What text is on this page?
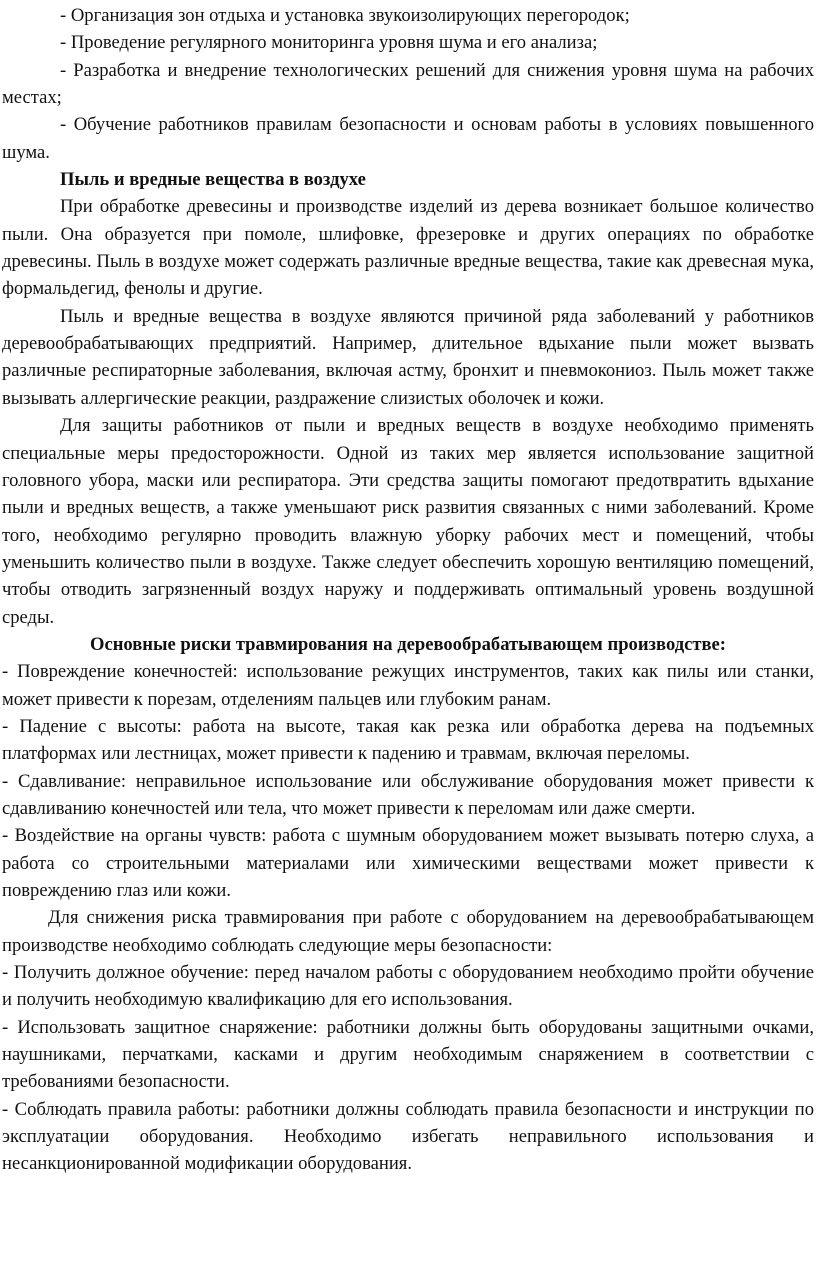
- Организация зон отдыха и установка звукоизолирующих перегородок;

- Проведение регулярного мониторинга уровня шума и его анализа;

- Разработка и внедрение технологических решений для снижения уровня шума на рабочих местах;

- Обучение работников правилам безопасности и основам работы в условиях повышенного шума.

Пыль и вредные вещества в воздухе

При обработке древесины и производстве изделий из дерева возникает большое количество пыли. Она образуется при помоле, шлифовке, фрезеровке и других операциях по обработке древесины. Пыль в воздухе может содержать различные вредные вещества, такие как древесная мука, формальдегид, фенолы и другие.

Пыль и вредные вещества в воздухе являются причиной ряда заболеваний у работников деревообрабатывающих предприятий. Например, длительное вдыхание пыли может вызвать различные респираторные заболевания, включая астму, бронхит и пневмокониоз. Пыль может также вызывать аллергические реакции, раздражение слизистых оболочек и кожи.

Для защиты работников от пыли и вредных веществ в воздухе необходимо применять специальные меры предосторожности. Одной из таких мер является использование защитной головного убора, маски или респиратора. Эти средства защиты помогают предотвратить вдыхание пыли и вредных веществ, а также уменьшают риск развития связанных с ними заболеваний. Кроме того, необходимо регулярно проводить влажную уборку рабочих мест и помещений, чтобы уменьшить количество пыли в воздухе. Также следует обеспечить хорошую вентиляцию помещений, чтобы отводить загрязненный воздух наружу и поддерживать оптимальный уровень воздушной среды.

Основные риски травмирования на деревообрабатывающем производстве:

- Повреждение конечностей: использование режущих инструментов, таких как пилы или станки, может привести к порезам, отделениям пальцев или глубоким ранам.

- Падение с высоты: работа на высоте, такая как резка или обработка дерева на подъемных платформах или лестницах, может привести к падению и травмам, включая переломы.

- Сдавливание: неправильное использование или обслуживание оборудования может привести к сдавливанию конечностей или тела, что может привести к переломам или даже смерти.

- Воздействие на органы чувств: работа с шумным оборудованием может вызывать потерю слуха, а работа со строительными материалами или химическими веществами может привести к повреждению глаз или кожи.

Для снижения риска травмирования при работе с оборудованием на деревообрабатывающем производстве необходимо соблюдать следующие меры безопасности:

- Получить должное обучение: перед началом работы с оборудованием необходимо пройти обучение и получить необходимую квалификацию для его использования.

- Использовать защитное снаряжение: работники должны быть оборудованы защитными очками, наушниками, перчатками, касками и другим необходимым снаряжением в соответствии с требованиями безопасности.

- Соблюдать правила работы: работники должны соблюдать правила безопасности и инструкции по эксплуатации оборудования. Необходимо избегать неправильного использования и несанкционированной модификации оборудования.
